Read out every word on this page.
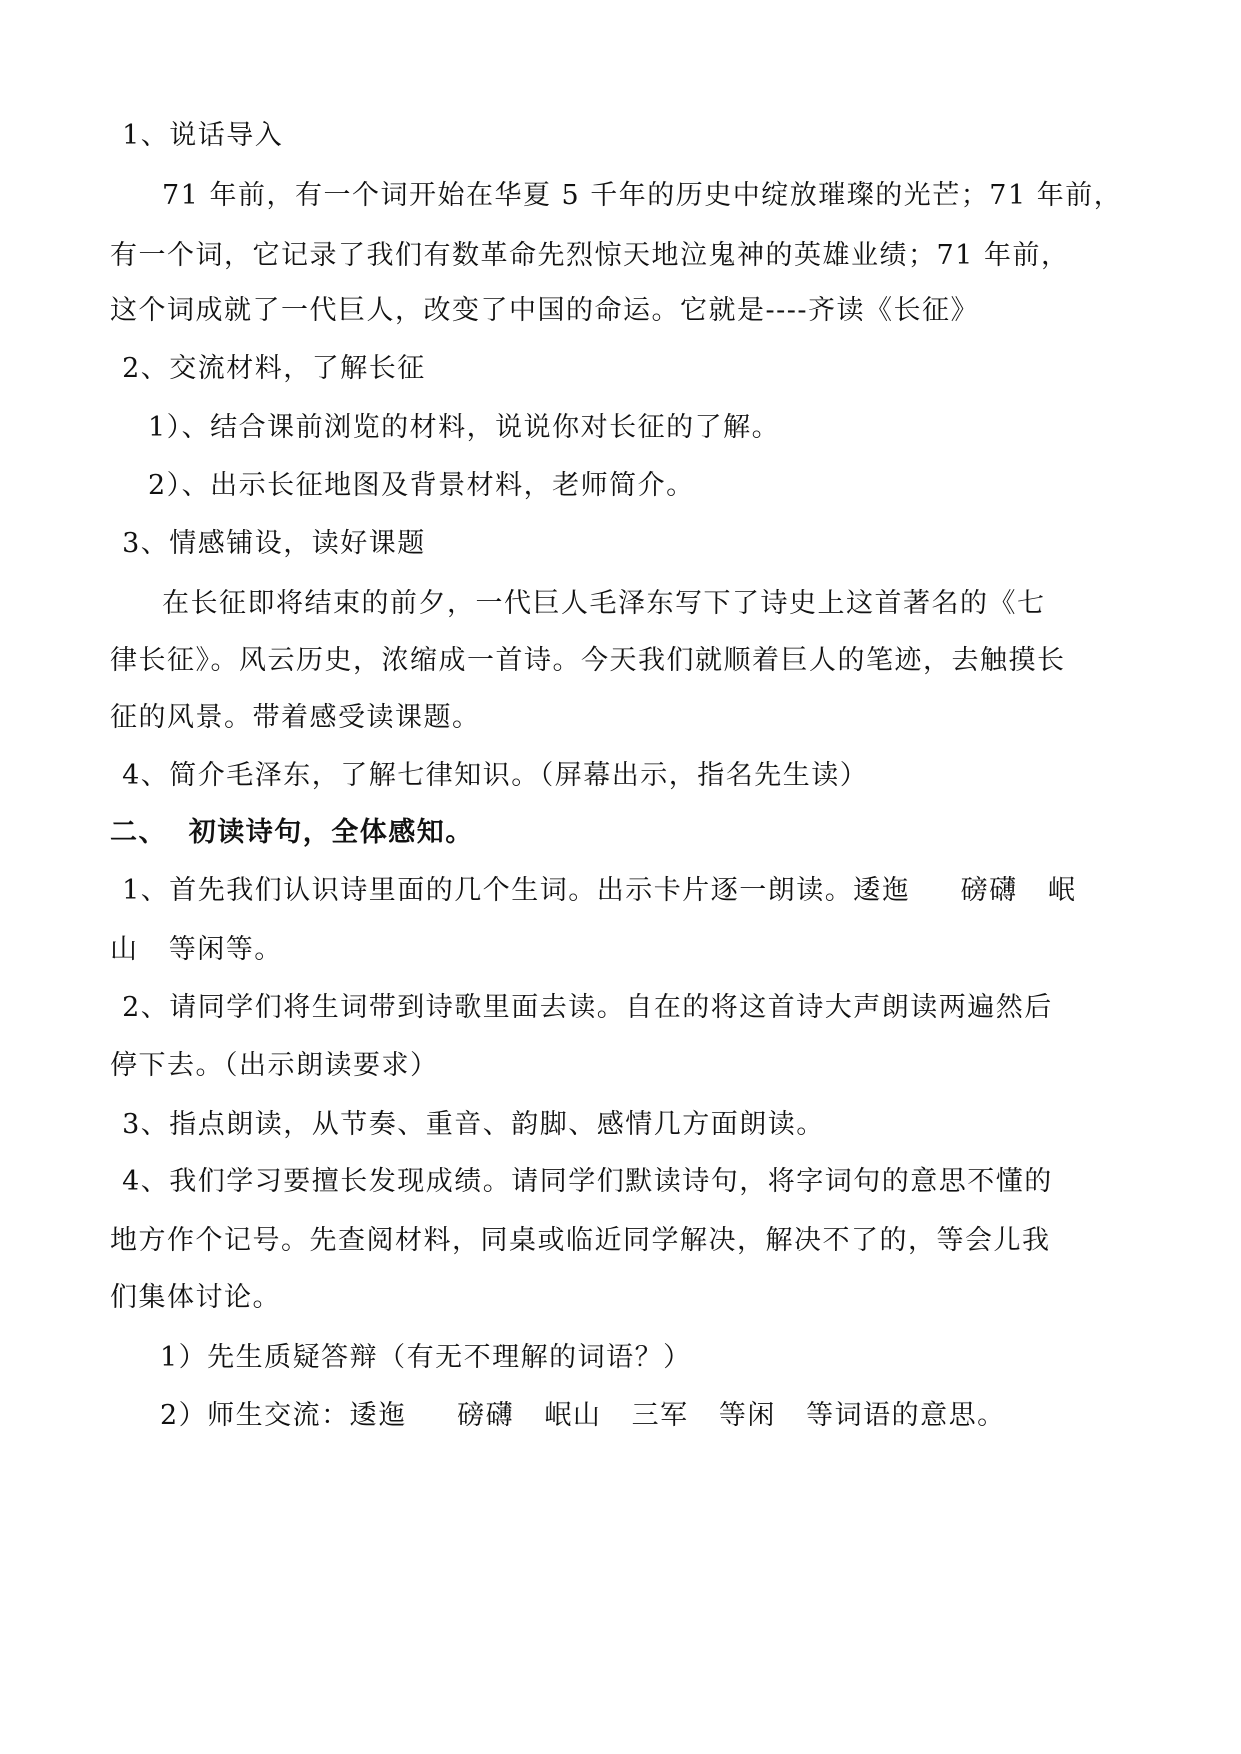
1、说话导入
71 年前，有一个词开始在华夏 5 千年的历史中绽放璀璨的光芒；71 年前，
有一个词，它记录了我们有数革命先烈惊天地泣鬼神的英雄业绩；71 年前，
这个词成就了一代巨人，改变了中国的命运。它就是----齐读《长征》
2、交流材料，了解长征
1）、结合课前浏览的材料，说说你对长征的了解。
2）、出示长征地图及背景材料，老师简介。
3、情感铺设，读好课题
在长征即将结束的前夕，一代巨人毛泽东写下了诗史上这首著名的《七
律长征》。风云历史，浓缩成一首诗。今天我们就顺着巨人的笔迹，去触摸长
征的风景。带着感受读课题。
4、简介毛泽东，了解七律知识。（屏幕出示，指名先生读）
二、  初读诗句，全体感知。
1、首先我们认识诗里面的几个生词。出示卡片逐一朗读。逶迤     磅礴   岷
山   等闲等。
2、请同学们将生词带到诗歌里面去读。自在的将这首诗大声朗读两遍然后
停下去。（出示朗读要求）
3、指点朗读，从节奏、重音、韵脚、感情几方面朗读。
4、我们学习要擅长发现成绩。请同学们默读诗句，将字词句的意思不懂的
地方作个记号。先查阅材料，同桌或临近同学解决，解决不了的，等会儿我
们集体讨论。
1）先生质疑答辩（有无不理解的词语？）
2）师生交流：逶迤     磅礴   岷山   三军   等闲   等词语的意思。
